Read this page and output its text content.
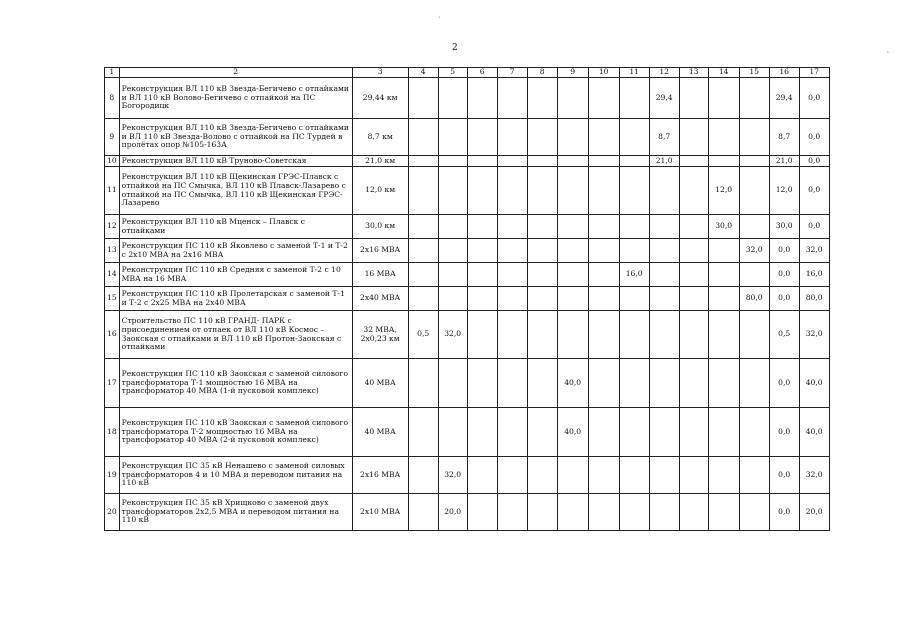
2
1	2	3	4	5	6	7	8	9	10	11	12	13	14	15	16	17
8	Реконструкция ВЛ 110 кВ Звезда-Бегичево с отпайками и ВЛ 110 кВ Волово-Бегичево с отпайкой на ПС Богородицк	29,44 км									29,4				29,4	0,0
9	Реконструкция ВЛ 110 кВ Звезда-Бегичево с отпайками и ВЛ 110 кВ Звезда-Волово с отпайкой на ПС Турдей в пролётах опор №105-163А	8,7 км									8,7				8,7	0,0
10	Реконструкция ВЛ 110 кВ Труново-Советская	21,0 км									21,0				21,0	0,0
11	Реконструкция ВЛ 110 кВ Щекинская ГРЭС-Плавск с отпайкой на ПС Смычка, ВЛ 110 кВ Плавск-Лазарево с отпайкой на ПС Смычка, ВЛ 110 кВ Щекинская ГРЭС-Лазарево	12,0 км											12,0		12,0	0,0
12	Реконструкция ВЛ 110 кВ Мценск – Плавск с отпайками	30,0 км											30,0		30,0	0,0
13	Реконструкция ПС 110 кВ Яковлево с заменой Т-1 и Т-2 с 2х10 МВА на 2х16 МВА	2х16 МВА												32,0	0,0	32,0
14	Реконструкция ПС 110 кВ Средняя с заменой Т-2 с 10 МВА на 16 МВА	16 МВА								16,0					0,0	16,0
15	Реконструкция ПС 110 кВ Пролетарская с заменой Т-1 и Т-2 с 2х25 МВА на 2х40 МВА	2х40 МВА												80,0	0,0	80,0
16	Строительство ПС 110 кВ ГРАНД- ПАРК с присоединением от отпаек от ВЛ 110 кВ Космос – Заокская с отпайками и ВЛ 110 кВ Протон-Заокская с отпайками	32 МВА, 2х0,23 км	0,5	32,0											0,5	32,0
17	Реконструкция ПС 110 кВ Заокская с заменой силового трансформатора Т-1 мощностью 16 МВА на трансформатор 40 МВА (1-й пусковой комплекс)	40 МВА						40,0							0,0	40,0
18	Реконструкция ПС 110 кВ Заокская с заменой силового трансформатора Т-2 мощностью 16 МВА на трансформатор 40 МВА (2-й пусковой комплекс)	40 МВА						40,0							0,0	40,0
19	Реконструкция ПС 35 кВ Ненашево с заменой силовых трансформаторов 4 и 10 МВА и переводом питания на 110 кВ	2х16 МВА		32,0											0,0	32,0
20	Реконструкция ПС 35 кВ Хрищково с заменой двух трансформаторов 2х2,5 МВА и переводом питания на 110 кВ	2х10 МВА		20,0											0,0	20,0
´
˛
